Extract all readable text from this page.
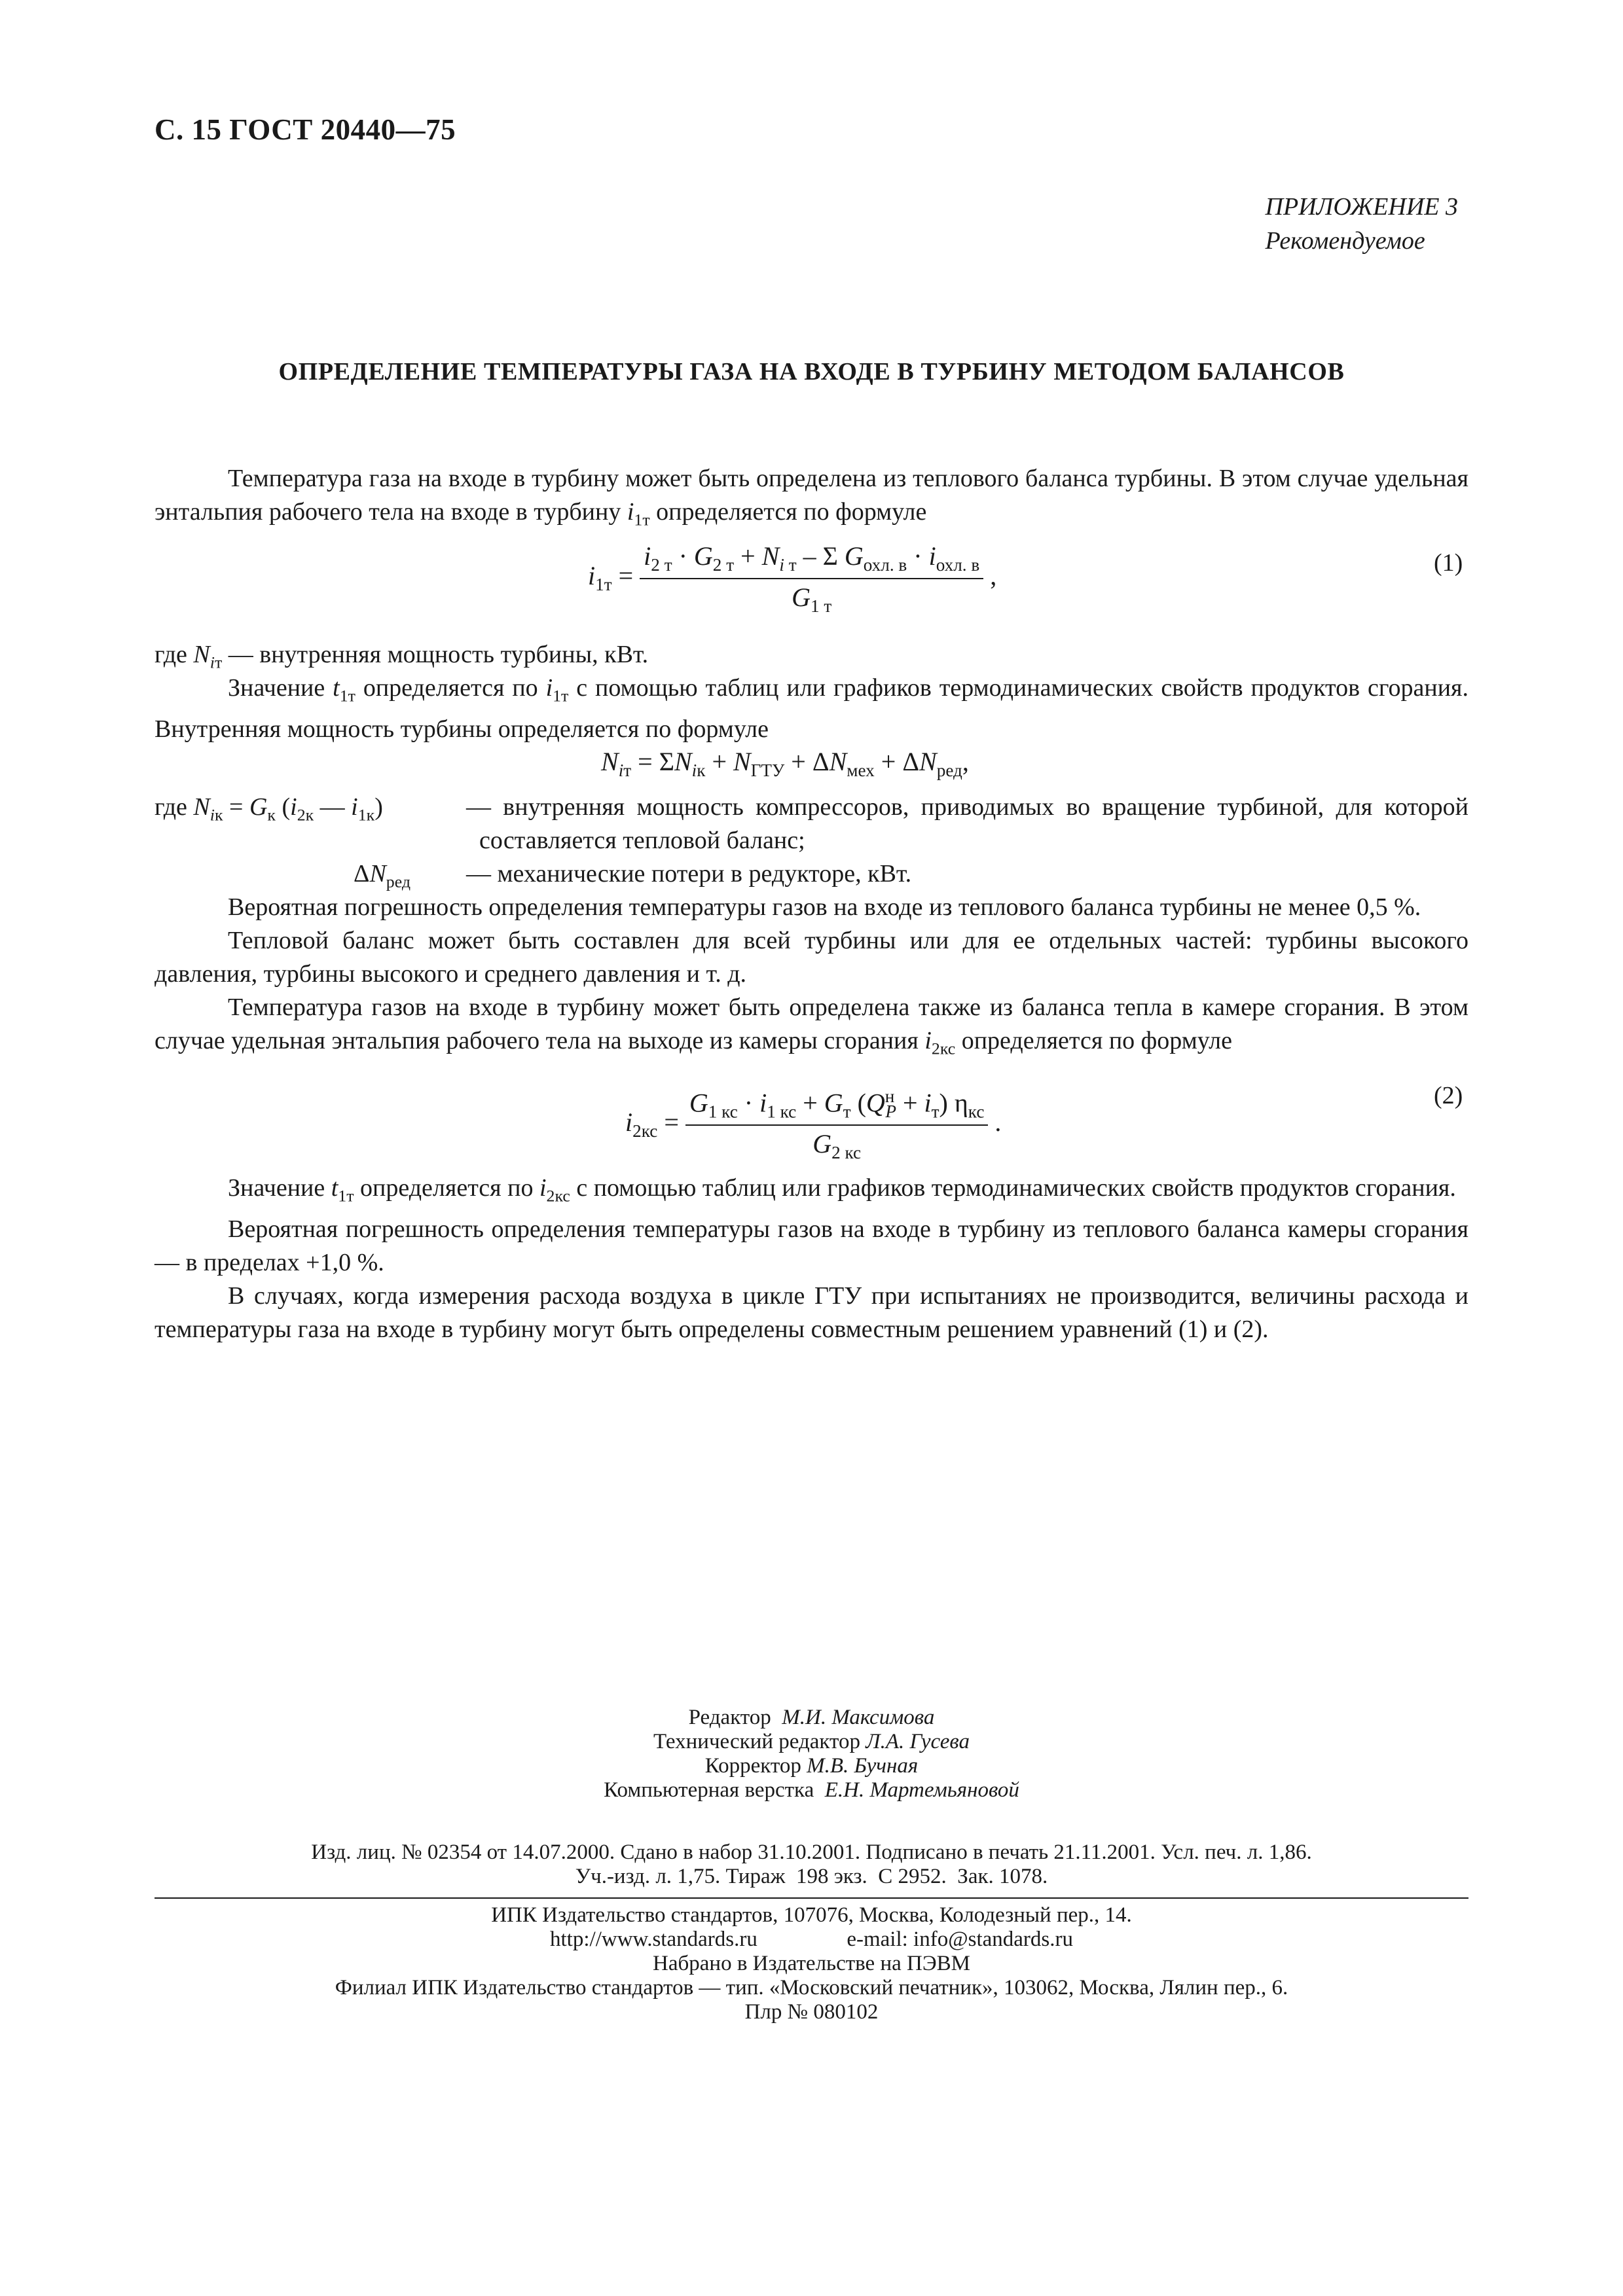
С. 15 ГОСТ 20440—75
ПРИЛОЖЕНИЕ 3
Рекомендуемое
ОПРЕДЕЛЕНИЕ ТЕМПЕРАТУРЫ ГАЗА НА ВХОДЕ В ТУРБИНУ МЕТОДОМ БАЛАНСОВ

Температура газа на входе в турбину может быть определена из теплового баланса турбины. В этом случае удельная энтальпия рабочего тела на входе в турбину $i_{1т}$ определяется по формуле

$i_{1т} = \frac{i_{2 т} \cdot G_{2 т} + N_{i т} - \Sigma G_{охл. в} \cdot i_{охл. в}}{G_{1 т}}$ ,	(1)
где $N_{iт}$ — внутренняя мощность турбины, кВт.

Значение $t_{1т}$ определяется по $i_{1т}$ с помощью таблиц или графиков термодинамических свойств продуктов сгорания. Внутренняя мощность турбины определяется по формуле

$N_{iт} = \Sigma N_{iк} + N_{ГТУ} + \Delta N_{мех} + \Delta N_{ред}$,
где $N_{iк} = G_к$ ($i_{2к}$ — $i_{1к}$)	— внутренняя мощность компрессоров, приводимых во вращение турбиной, для которой составляется тепловой баланс;
$\Delta N_{ред}$ — механические потери в редукторе, кВт.

Вероятная погрешность определения температуры газов на входе из теплового баланса турбины не менее 0,5 %.

Тепловой баланс может быть составлен для всей турбины или для ее отдельных частей: турбины высокого давления, турбины высокого и среднего давления и т. д.

Температура газов на входе в турбину может быть определена также из баланса тепла в камере сгорания. В этом случае удельная энтальпия рабочего тела на выходе из камеры сгорания $i_{2кс}$ определяется по формуле

$i_{2кс} = \frac{G_{1 кс} \cdot i_{1 кс} + G_т (Q^н_P + i_т) \eta_{кс}}{G_{2 кс}}$ .
(2)

Значение $t_{1т}$ определяется по $i_{2кс}$ с помощью таблиц или графиков термодинамических свойств продуктов сгорания.

Вероятная погрешность определения температуры газов на входе в турбину из теплового баланса камеры сгорания — в пределах +1,0 %.

В случаях, когда измерения расхода воздуха в цикле ГТУ при испытаниях не производится, величины расхода и температуры газа на входе в турбину могут быть определены совместным решением уравнений (1) и (2).

Редактор М.И. Максимова
Технический редактор Л.А. Гусева
Корректор М.В. Бучная
Компьютерная верстка Е.Н. Мартемьяновой
Изд. лиц. № 02354 от 14.07.2000. Сдано в набор 31.10.2001. Подписано в печать 21.11.2001. Усл. печ. л. 1,86.
Уч.-изд. л. 1,75. Тираж  198 экз.  С 2952.  Зак. 1078.
ИПК Издательство стандартов, 107076, Москва, Колодезный пер., 14.
http://www.standards.ru	e-mail: info@standards.ru
Набрано в Издательстве на ПЭВМ
Филиал ИПК Издательство стандартов — тип. «Московский печатник», 103062, Москва, Лялин пер., 6.
Плр № 080102
